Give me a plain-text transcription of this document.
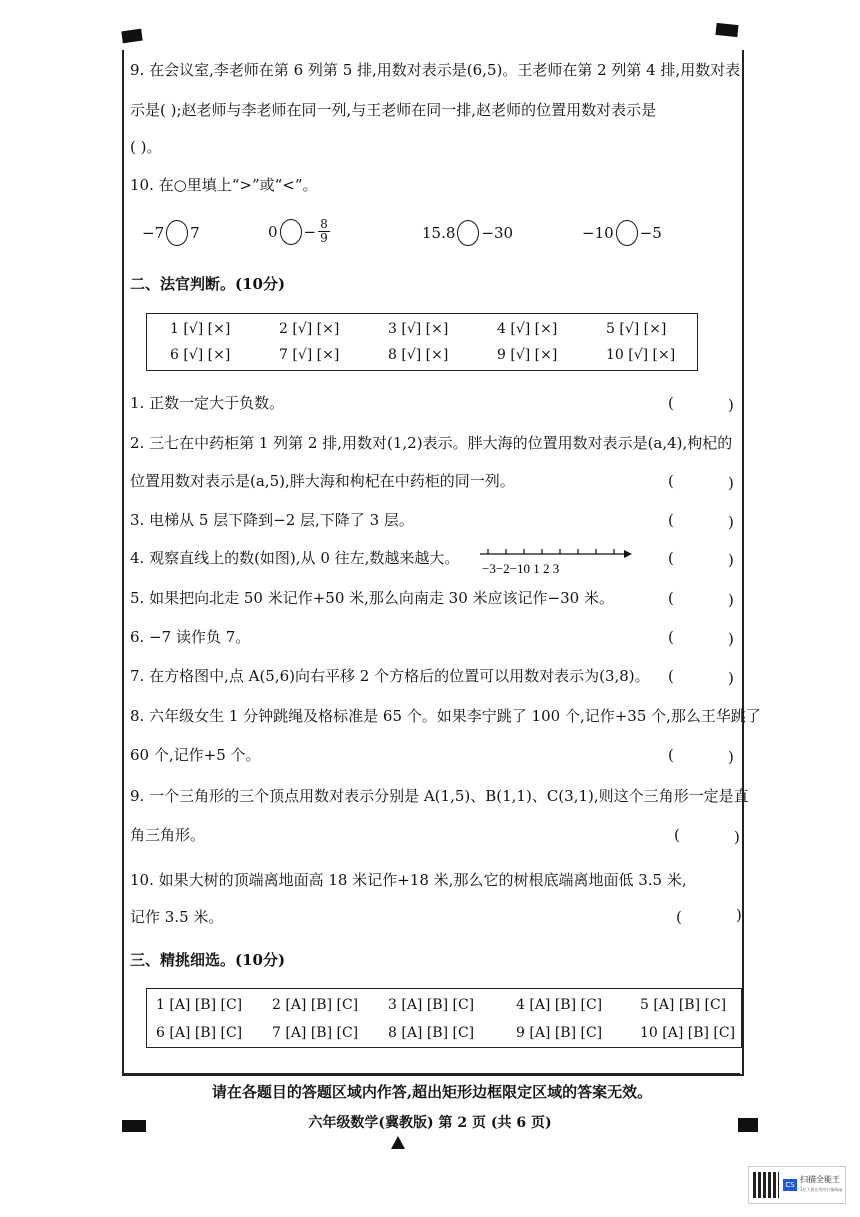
9. 在会议室,李老师在第 6 列第 5 排,用数对表示是(6,5)。王老师在第 2 列第 4 排,用数对表
示是( );赵老师与李老师在同一列,与王老师在同一排,赵老师的位置用数对表示是
( )。
10. 在○里填上“>”或“<”。
−7 7	$0 - \frac{8}{9}$	15.8 −30	−10 −5
二、法官判断。(10分)
1 [√] [×]	2 [√] [×]	3 [√] [×]	4 [√] [×]	5 [√] [×]
6 [√] [×]	7 [√] [×]	8 [√] [×]	9 [√] [×]	10 [√] [×]
1. 正数一定大于负数。	(	)
2. 三七在中药柜第 1 列第 2 排,用数对(1,2)表示。胖大海的位置用数对表示是(a,4),枸杞的
位置用数对表示是(a,5),胖大海和枸杞在中药柜的同一列。	(	)
3. 电梯从 5 层下降到−2 层,下降了 3 层。	(	)
4. 观察直线上的数(如图),从 0 往左,数越来越大。
−3−2−10 1 2 3
(	)
5. 如果把向北走 50 米记作+50 米,那么向南走 30 米应该记作−30 米。	(	)
6. −7 读作负 7。	(	)
7. 在方格图中,点 A(5,6)向右平移 2 个方格后的位置可以用数对表示为(3,8)。 (	)
8. 六年级女生 1 分钟跳绳及格标准是 65 个。如果李宁跳了 100 个,记作+35 个,那么王华跳了
60 个,记作+5 个。	(	)
9. 一个三角形的三个顶点用数对表示分别是 A(1,5)、B(1,1)、C(3,1),则这个三角形一定是直
角三角形。	(	)
10. 如果大树的顶端离地面高 18 米记作+18 米,那么它的树根底端离地面低 3.5 米,
记作 3.5 米。	(	)
三、精挑细选。(10分)
1 [A] [B] [C]	2 [A] [B] [C]	3 [A] [B] [C]	4 [A] [B] [C]	5 [A] [B] [C]
6 [A] [B] [C]	7 [A] [B] [C]	8 [A] [B] [C]	9 [A] [B] [C]	10 [A] [B] [C]
请在各题目的答题区域内作答,超出矩形边框限定区域的答案无效。
六年级数学(冀教版) 第 2 页 (共 6 页)
CS
扫描全能王
3亿人都在用的扫描App
